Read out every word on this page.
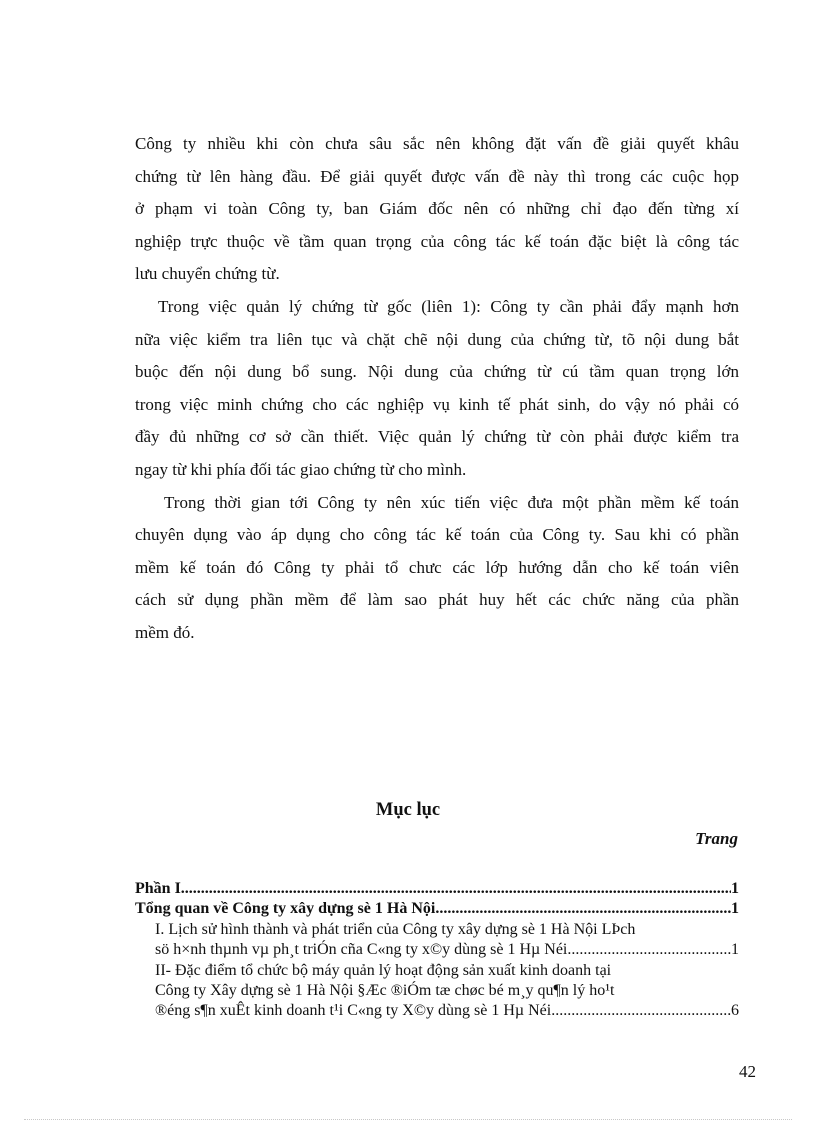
Công ty nhiều khi còn chưa sâu sắc nên không đặt vấn đề giải quyết khâu
chứng từ lên hàng đầu. Để giải quyết được vấn đề này thì trong các cuộc họp
ở phạm vi toàn Công ty, ban Giám đốc nên có những chỉ đạo đến từng xí
nghiệp trực thuộc về tầm quan trọng của công tác kế toán đặc biệt là công tác
lưu chuyển chứng từ.
Trong việc quản lý chứng từ gốc (liên 1): Công ty cần phải đẩy mạnh hơn
nữa việc kiểm tra liên tục và chặt chẽ nội dung của chứng từ, tõ nội dung bắt
buộc đến nội dung bổ sung. Nội dung của chứng từ cú tầm quan trọng lớn
trong việc minh chứng cho các nghiệp vụ kinh tế phát sinh, do vậy nó phải có
đầy đủ những cơ sở cần thiết. Việc quản lý chứng từ còn phải được kiểm tra
ngay từ khi phía đối tác giao chứng từ cho mình.
Trong thời gian tới Công ty nên xúc tiến việc đưa một phần mềm kế toán
chuyên dụng vào áp dụng cho công tác kế toán của Công ty. Sau khi có phần
mềm kế toán đó Công ty phải tổ chưc các lớp hướng dẫn cho kế toán viên
cách sử dụng phần mềm để làm sao phát huy hết các chức năng của phần
mềm đó.
Mục lục
Trang
Phần I .....	1
Tổng quan về Công ty xây dựng sè 1 Hà Nội .....	1
I. Lịch sử hình thành và phát triển của Công ty xây dựng sè 1 Hà Nội LÞch
sö h×nh thµnh vµ ph¸t triÓn cña C«ng ty x©y dùng sè 1 Hµ Néi .....	1
II- Đặc điểm tổ chức bộ máy quản lý hoạt động sản xuất kinh doanh tại
Công ty Xây dựng sè 1 Hà Nội §Æc ®iÓm tæ chøc bé m¸y qu¶n lý ho¹t
®éng s¶n xuÊt kinh doanh t¹i C«ng ty X©y dùng sè 1 Hµ Néi .....	6
42
